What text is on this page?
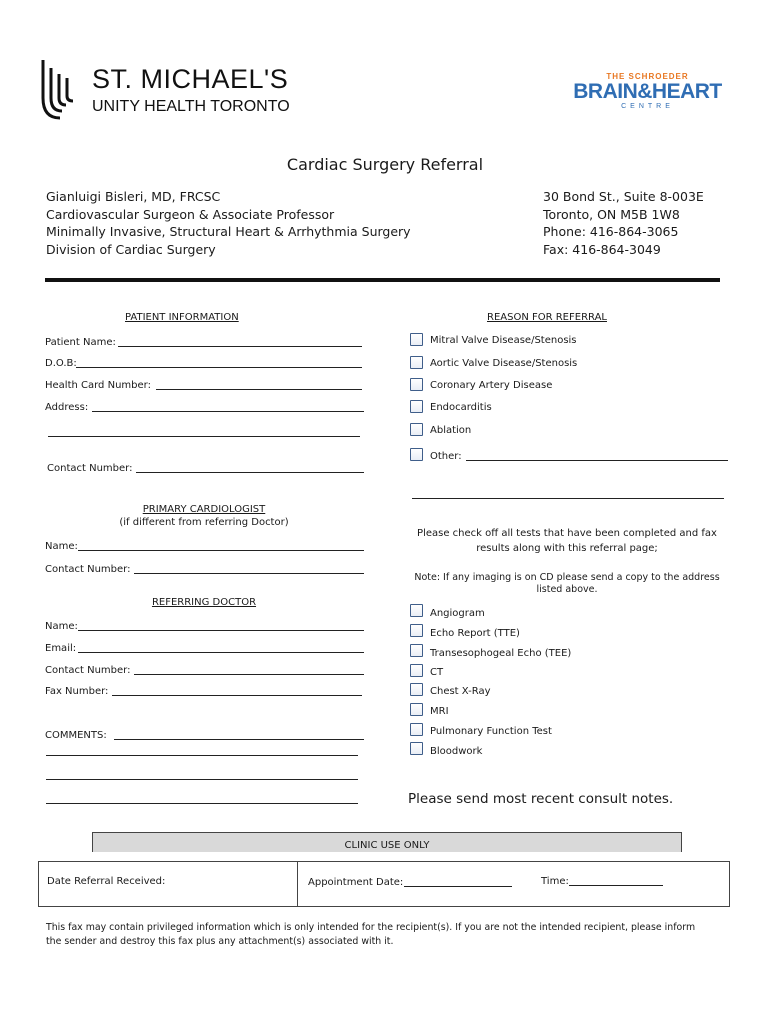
ST. MICHAEL'S
UNITY HEALTH TORONTO
THE SCHROEDER
BRAIN&HEART
CENTRE
Cardiac Surgery Referral
Gianluigi Bisleri, MD, FRCSC
Cardiovascular Surgeon & Associate Professor
Minimally Invasive, Structural Heart & Arrhythmia Surgery
Division of Cardiac Surgery
30 Bond St., Suite 8-003E
Toronto, ON M5B 1W8
Phone: 416-864-3065
Fax: 416-864-3049
PATIENT INFORMATION
Patient Name:
D.O.B:
Health Card Number:
Address:
Contact Number:
REASON FOR REFERRAL
Mitral Valve Disease/Stenosis
Aortic Valve Disease/Stenosis
Coronary Artery Disease
Endocarditis
Ablation
Other:
PRIMARY CARDIOLOGIST
(if different from referring Doctor)
Name:
Contact Number:
Please check off all tests that have been completed and fax
results along with this referral page;
Note: If any imaging is on CD please send a copy to the address
listed above.
REFERRING DOCTOR
Name:
Email:
Contact Number:
Fax Number:
COMMENTS:
Angiogram
Echo Report (TTE)
Transesophogeal Echo (TEE)
CT
Chest X-Ray
MRI
Pulmonary Function Test
Bloodwork
Please send most recent consult notes.
CLINIC USE ONLY
Date Referral Received:	Appointment Date:	Time:
This fax may contain privileged information which is only intended for the recipient(s). If you are not the intended recipient, please inform
the sender and destroy this fax plus any attachment(s) associated with it.
